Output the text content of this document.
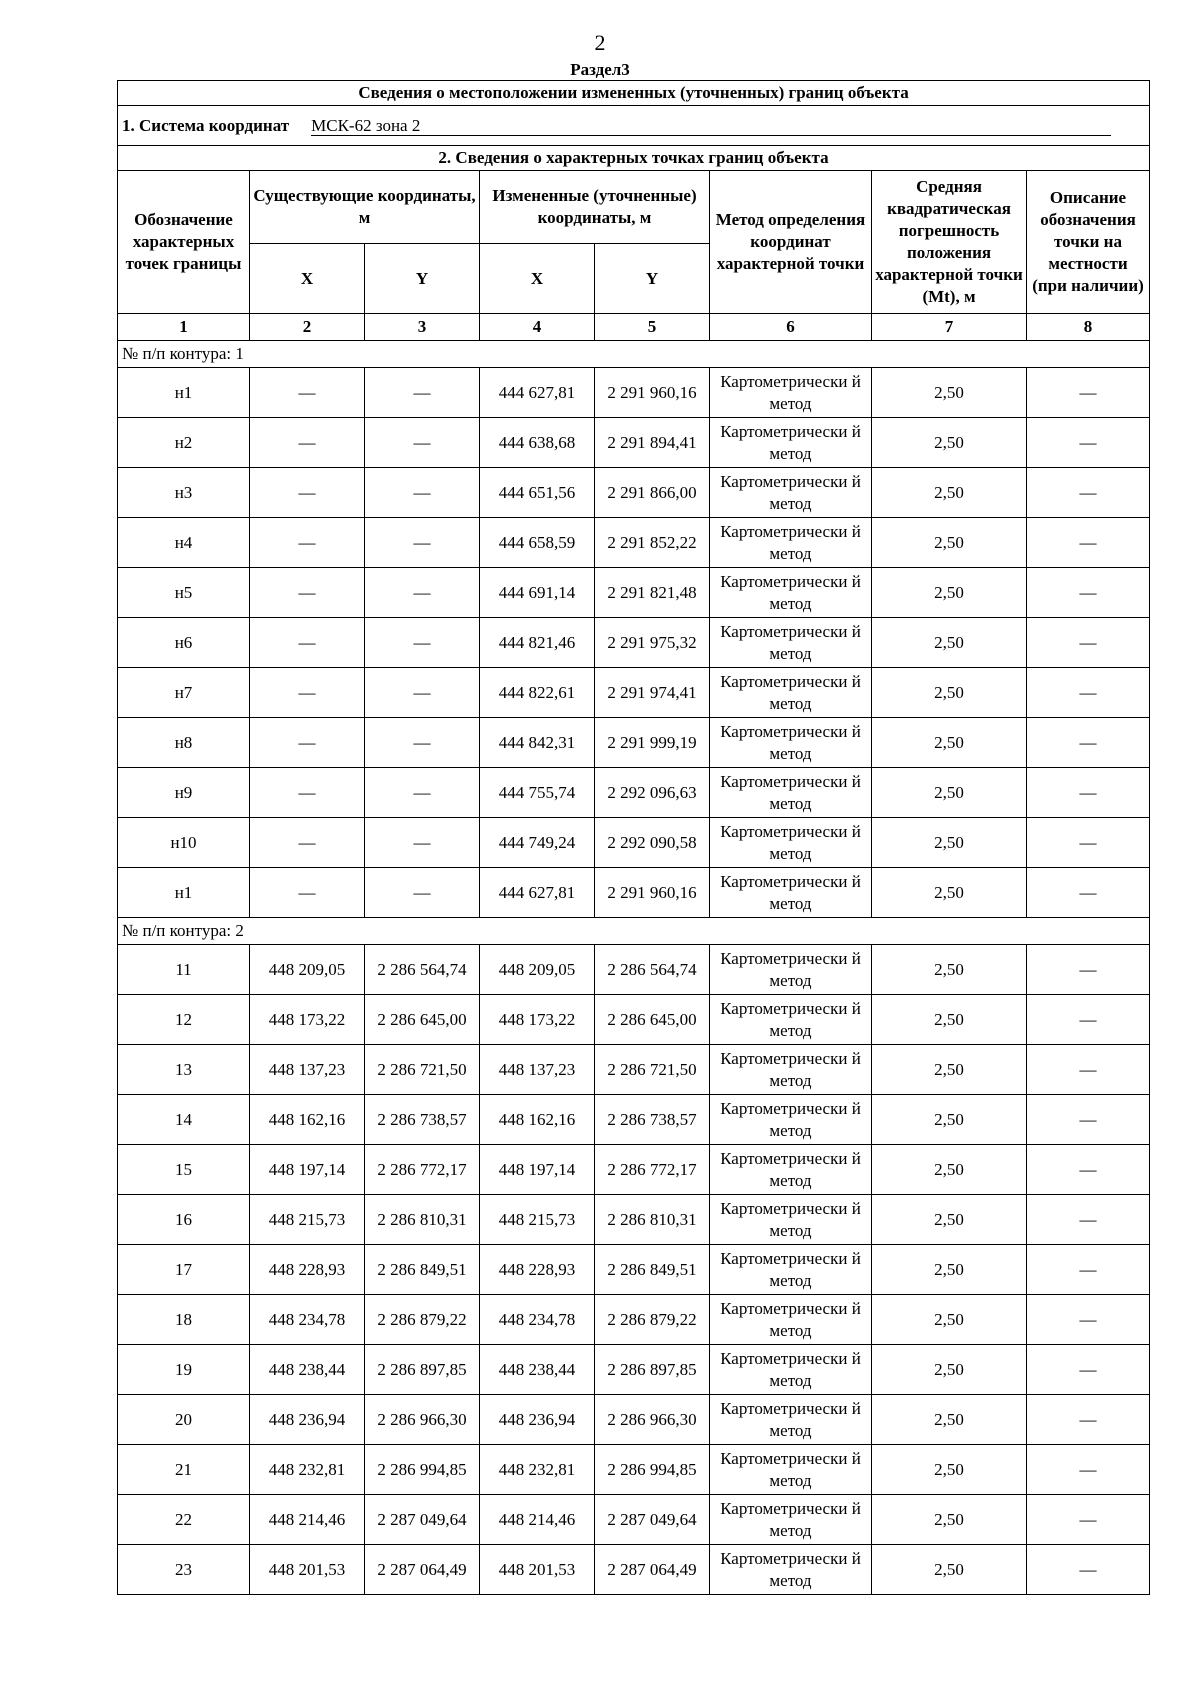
2
Раздел3
Сведения о местоположении измененных (уточненных) границ объекта							
1. Система координат МСК-62 зона 2							
2. Сведения о характерных точках границ объекта							
Обозначение характерных точек границы	Существующие координаты, м		Измененные (уточненные) координаты, м		Метод определения координат характерной точки	Средняя квадратическая погрешность положения характерной точки (Mt), м	Описание обозначения точки на местности (при наличии)
	X	Y	X	Y			
1	2	3	4	5	6	7	8
№ п/п контура: 1							
н1	—	—	444 627,81	2 291 960,16	Картометрически й метод	2,50	—
н2	—	—	444 638,68	2 291 894,41	Картометрически й метод	2,50	—
н3	—	—	444 651,56	2 291 866,00	Картометрически й метод	2,50	—
н4	—	—	444 658,59	2 291 852,22	Картометрически й метод	2,50	—
н5	—	—	444 691,14	2 291 821,48	Картометрически й метод	2,50	—
н6	—	—	444 821,46	2 291 975,32	Картометрически й метод	2,50	—
н7	—	—	444 822,61	2 291 974,41	Картометрически й метод	2,50	—
н8	—	—	444 842,31	2 291 999,19	Картометрически й метод	2,50	—
н9	—	—	444 755,74	2 292 096,63	Картометрически й метод	2,50	—
н10	—	—	444 749,24	2 292 090,58	Картометрически й метод	2,50	—
н1	—	—	444 627,81	2 291 960,16	Картометрически й метод	2,50	—
№ п/п контура: 2							
11	448 209,05	2 286 564,74	448 209,05	2 286 564,74	Картометрически й метод	2,50	—
12	448 173,22	2 286 645,00	448 173,22	2 286 645,00	Картометрически й метод	2,50	—
13	448 137,23	2 286 721,50	448 137,23	2 286 721,50	Картометрически й метод	2,50	—
14	448 162,16	2 286 738,57	448 162,16	2 286 738,57	Картометрически й метод	2,50	—
15	448 197,14	2 286 772,17	448 197,14	2 286 772,17	Картометрически й метод	2,50	—
16	448 215,73	2 286 810,31	448 215,73	2 286 810,31	Картометрически й метод	2,50	—
17	448 228,93	2 286 849,51	448 228,93	2 286 849,51	Картометрически й метод	2,50	—
18	448 234,78	2 286 879,22	448 234,78	2 286 879,22	Картометрически й метод	2,50	—
19	448 238,44	2 286 897,85	448 238,44	2 286 897,85	Картометрически й метод	2,50	—
20	448 236,94	2 286 966,30	448 236,94	2 286 966,30	Картометрически й метод	2,50	—
21	448 232,81	2 286 994,85	448 232,81	2 286 994,85	Картометрически й метод	2,50	—
22	448 214,46	2 287 049,64	448 214,46	2 287 049,64	Картометрически й метод	2,50	—
23	448 201,53	2 287 064,49	448 201,53	2 287 064,49	Картометрически й метод	2,50	—
